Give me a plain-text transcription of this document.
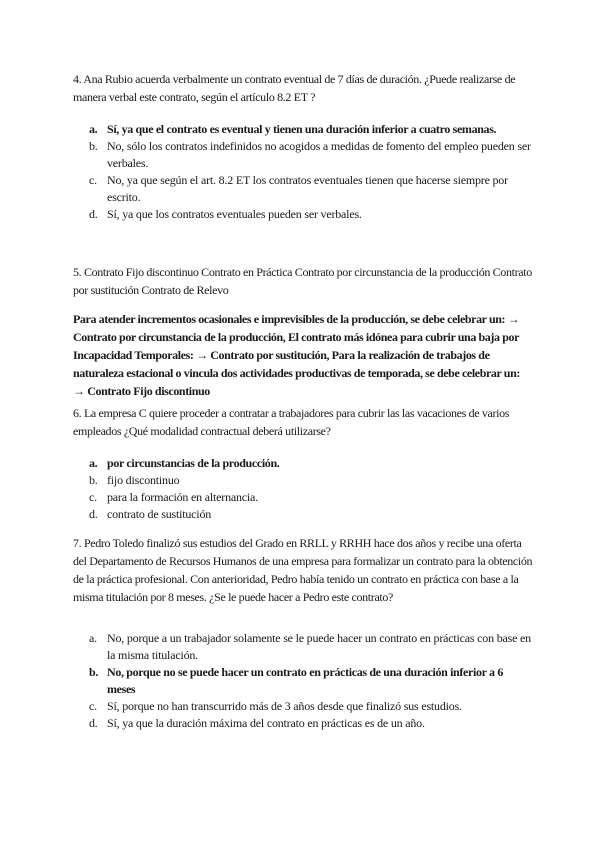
4. Ana Rubio acuerda verbalmente un contrato eventual de 7 días de duración. ¿Puede realizarse de manera verbal este contrato, según el artículo 8.2 ET ?

a. Sí, ya que el contrato es eventual y tienen una duración inferior a cuatro semanas.
b. No, sólo los contratos indefinidos no acogidos a medidas de fomento del empleo pueden ser verbales.
c. No, ya que según el art. 8.2 ET los contratos eventuales tienen que hacerse siempre por escrito.
d. Sí, ya que los contratos eventuales pueden ser verbales.

5. Contrato Fijo discontinuo Contrato en Práctica Contrato por circunstancia de la producción Contrato por sustitución Contrato de Relevo

Para atender incrementos ocasionales e imprevisibles de la producción, se debe celebrar un: → Contrato por circunstancia de la producción, El contrato más idónea para cubrir una baja por Incapacidad Temporales: → Contrato por sustitución, Para la realización de trabajos de naturaleza estacional o vincula dos actividades productivas de temporada, se debe celebrar un: → Contrato Fijo discontinuo

6. La empresa C quiere proceder a contratar a trabajadores para cubrir las las vacaciones de varios empleados ¿Qué modalidad contractual deberá utilizarse?

a. por circunstancias de la producción.
b. fijo discontinuo
c. para la formación en alternancia.
d. contrato de sustitución

7. Pedro Toledo finalizó sus estudios del Grado en RRLL y RRHH hace dos años y recibe una oferta del Departamento de Recursos Humanos de una empresa para formalizar un contrato para la obtención de la práctica profesional. Con anterioridad, Pedro había tenido un contrato en práctica con base a la misma titulación por 8 meses. ¿Se le puede hacer a Pedro este contrato?

a. No, porque a un trabajador solamente se le puede hacer un contrato en prácticas con base en la misma titulación.
b. No, porque no se puede hacer un contrato en prácticas de una duración inferior a 6 meses
c. Sí, porque no han transcurrido más de 3 años desde que finalizó sus estudios.
d. Sí, ya que la duración máxima del contrato en prácticas es de un año.
